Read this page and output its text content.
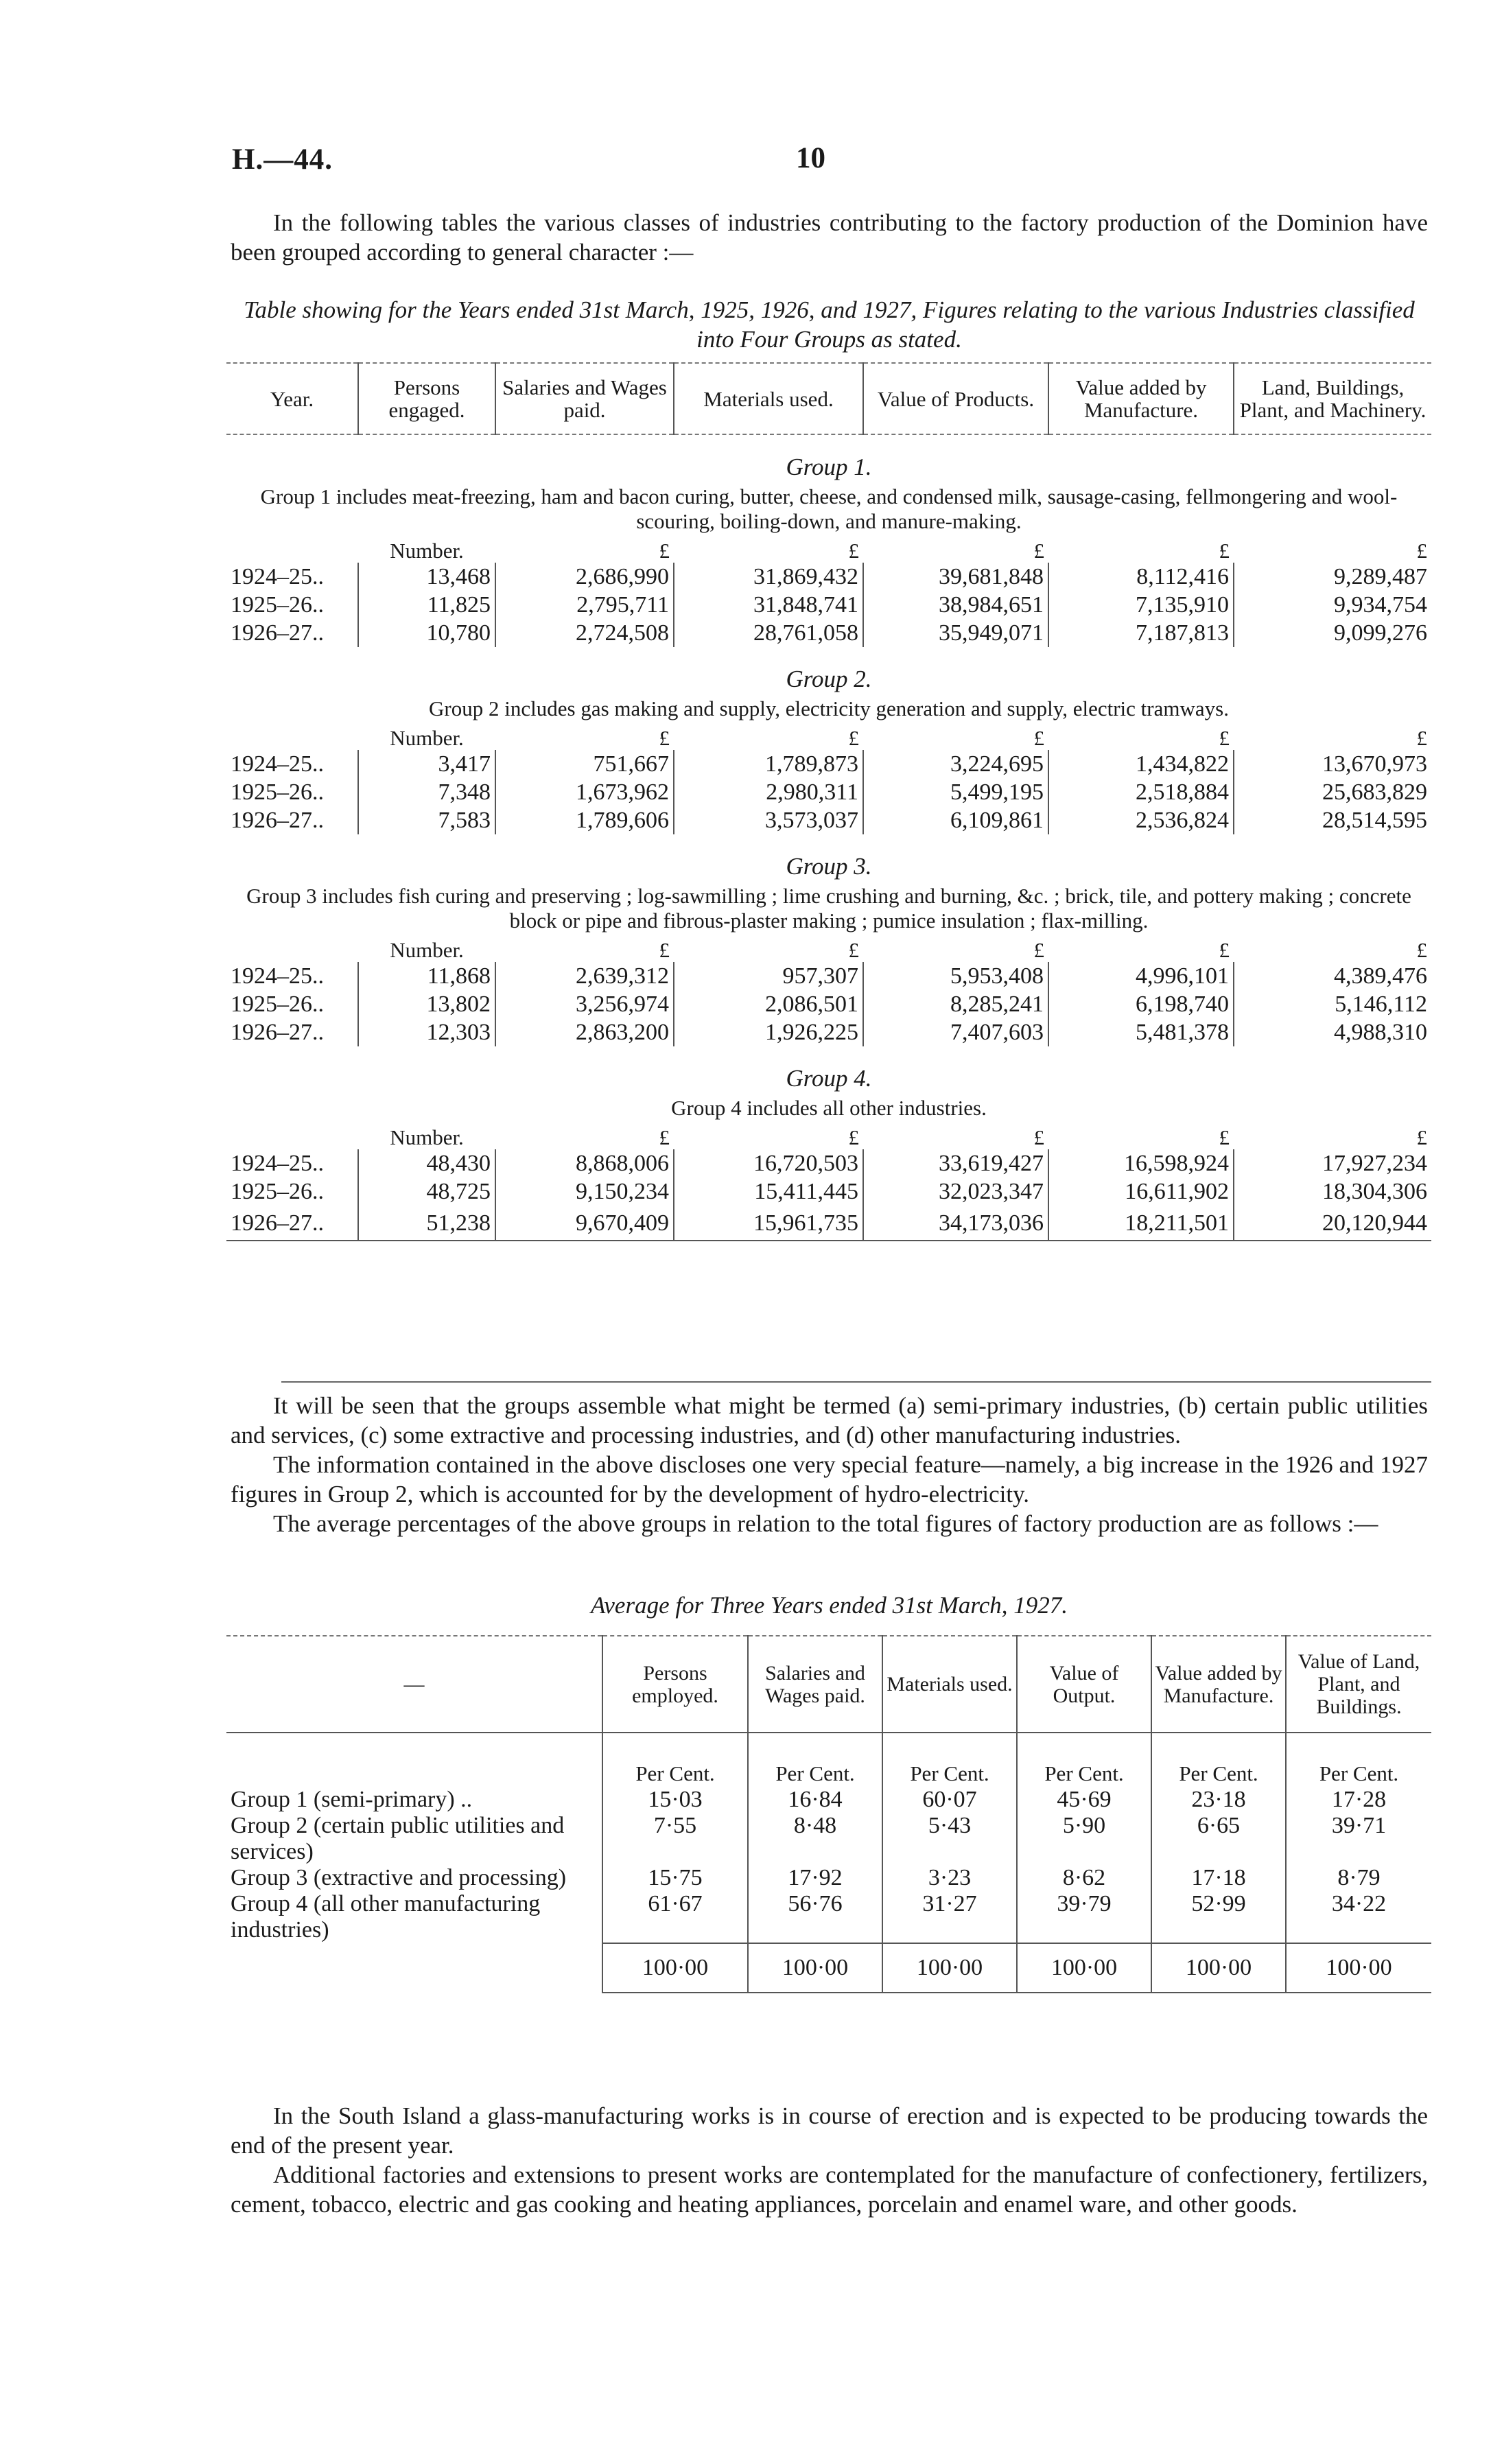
H.—44.	10

In the following tables the various classes of industries contributing to the factory production of the Dominion have been grouped according to general character :—

Table showing for the Years ended 31st March, 1925, 1926, and 1927, Figures relating to the various Industries classified into Four Groups as stated.
Year.	Persons engaged.	Salaries and Wages paid.	Materials used.	Value of Products.	Value added by Manufacture.	Land, Buildings, Plant, and Machinery.
Group 1.						
Group 1 includes meat-freezing, ham and bacon curing, butter, cheese, and condensed milk, sausage-casing, fellmongering and wool-scouring, boiling-down, and manure-making.						
	Number.	£	£	£	£	£
1924–25..	13,468	2,686,990	31,869,432	39,681,848	8,112,416	9,289,487
1925–26..	11,825	2,795,711	31,848,741	38,984,651	7,135,910	9,934,754
1926–27..	10,780	2,724,508	28,761,058	35,949,071	7,187,813	9,099,276
Group 2.						
Group 2 includes gas making and supply, electricity generation and supply, electric tramways.						
	Number.	£	£	£	£	£
1924–25..	3,417	751,667	1,789,873	3,224,695	1,434,822	13,670,973
1925–26..	7,348	1,673,962	2,980,311	5,499,195	2,518,884	25,683,829
1926–27..	7,583	1,789,606	3,573,037	6,109,861	2,536,824	28,514,595
Group 3.						
Group 3 includes fish curing and preserving ; log-sawmilling ; lime crushing and burning, &c. ; brick, tile, and pottery making ; concrete block or pipe and fibrous-plaster making ; pumice insulation ; flax-milling.						
	Number.	£	£	£	£	£
1924–25..	11,868	2,639,312	957,307	5,953,408	4,996,101	4,389,476
1925–26..	13,802	3,256,974	2,086,501	8,285,241	6,198,740	5,146,112
1926–27..	12,303	2,863,200	1,926,225	7,407,603	5,481,378	4,988,310
Group 4.						
Group 4 includes all other industries.						
	Number.	£	£	£	£	£
1924–25..	48,430	8,868,006	16,720,503	33,619,427	16,598,924	17,927,234
1925–26..	48,725	9,150,234	15,411,445	32,023,347	16,611,902	18,304,306
1926–27..	51,238	9,670,409	15,961,735	34,173,036	18,211,501	20,120,944

It will be seen that the groups assemble what might be termed (a) semi-primary industries, (b) certain public utilities and services, (c) some extractive and processing industries, and (d) other manufacturing industries.

The information contained in the above discloses one very special feature—namely, a big increase in the 1926 and 1927 figures in Group 2, which is accounted for by the development of hydro-electricity.

The average percentages of the above groups in relation to the total figures of factory production are as follows :—

Average for Three Years ended 31st March, 1927.
—	Persons employed.	Salaries and Wages paid.	Materials used.	Value of Output.	Value added by Manufacture.	Value of Land, Plant, and Buildings.
	Per Cent.	Per Cent.	Per Cent.	Per Cent.	Per Cent.	Per Cent.
Group 1 (semi-primary) ..	15·03	16·84	60·07	45·69	23·18	17·28
Group 2 (certain public utilities and services)	7·55	8·48	5·43	5·90	6·65	39·71
Group 3 (extractive and processing)	15·75	17·92	3·23	8·62	17·18	8·79
Group 4 (all other manufacturing industries)	61·67	56·76	31·27	39·79	52·99	34·22
	100·00	100·00	100·00	100·00	100·00	100·00

In the South Island a glass-manufacturing works is in course of erection and is expected to be producing towards the end of the present year.

Additional factories and extensions to present works are contemplated for the manufacture of confectionery, fertilizers, cement, tobacco, electric and gas cooking and heating appliances, porcelain and enamel ware, and other goods.
